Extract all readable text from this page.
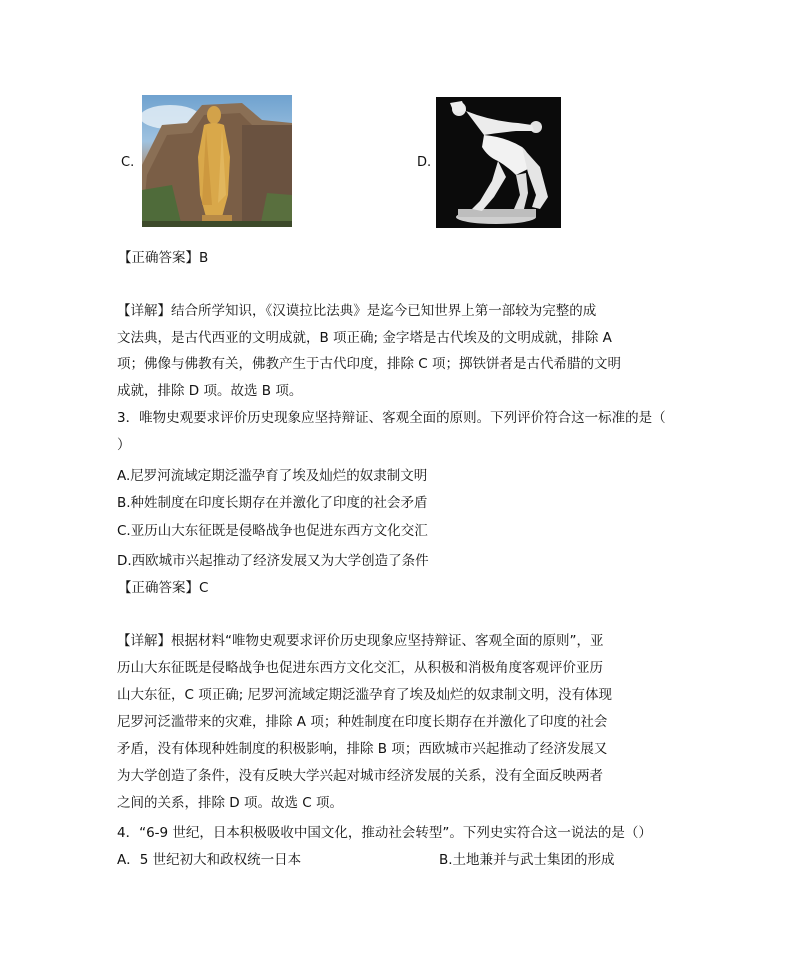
C.	D.
【正确答案】B
【详解】结合所学知识，《汉谟拉比法典》是迄今已知世界上第一部较为完整的成
文法典，是古代西亚的文明成就，B 项正确; 金字塔是古代埃及的文明成就，排除 A
项；佛像与佛教有关，佛教产生于古代印度，排除 C 项；掷铁饼者是古代希腊的文明
成就，排除 D 项。故选 B 项。
3．唯物史观要求评价历史现象应坚持辩证、客观全面的原则。下列评价符合这一标准的是（
）
A.尼罗河流域定期泛滥孕育了埃及灿烂的奴隶制文明
B.种姓制度在印度长期存在并激化了印度的社会矛盾
C.亚历山大东征既是侵略战争也促进东西方文化交汇
D.西欧城市兴起推动了经济发展又为大学创造了条件
【正确答案】C
【详解】根据材料“唯物史观要求评价历史现象应坚持辩证、客观全面的原则”，亚
历山大东征既是侵略战争也促进东西方文化交汇，从积极和消极角度客观评价亚历
山大东征，C 项正确; 尼罗河流域定期泛滥孕育了埃及灿烂的奴隶制文明，没有体现
尼罗河泛滥带来的灾难，排除 A 项；种姓制度在印度长期存在并激化了印度的社会
矛盾，没有体现种姓制度的积极影响，排除 B 项；西欧城市兴起推动了经济发展又
为大学创造了条件，没有反映大学兴起对城市经济发展的关系，没有全面反映两者
之间的关系，排除 D 项。故选 C 项。
4．“6-9 世纪，日本积极吸收中国文化，推动社会转型”。下列史实符合这一说法的是（）
A．5 世纪初大和政权统一日本	B.土地兼并与武士集团的形成
